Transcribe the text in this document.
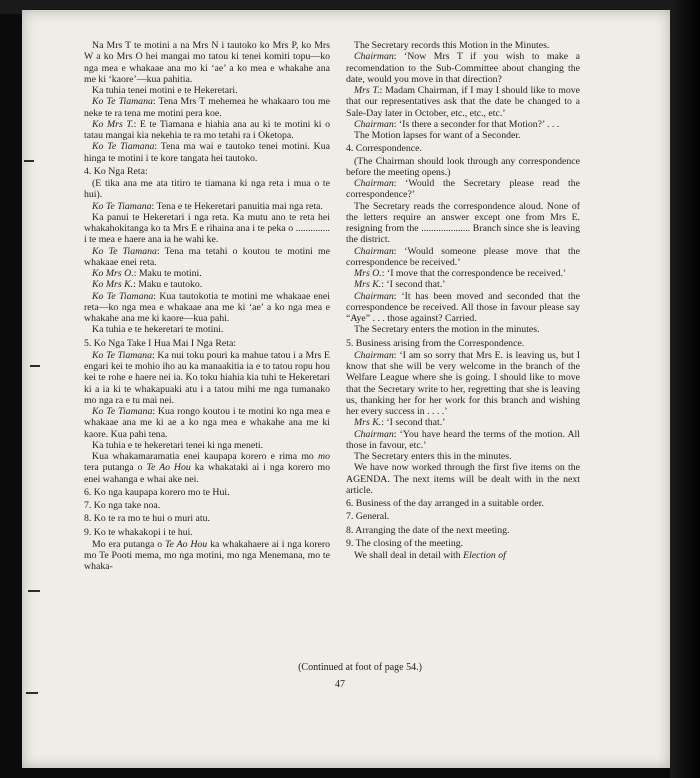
Na Mrs T te motini a na Mrs N i tautoko ko Mrs P, ko Mrs W a ko Mrs O hei mangai mo tatou ki tenei komiti topu—ko nga mea e whakaae ana mo ki ‘ae’ a ko mea e whakahe ana me ki ‘kaore’—kua pahitia.

Ka tuhia tenei motini e te Hekeretari.

Ko Te Tiamana: Tena Mrs T mehemea he whakaaro tou me neke te ra tena me motini pera koe.

Ko Mrs T.: E te Tiamana e hiahia ana au ki te motini ki o tatau mangai kia nekehia te ra mo tetahi ra i Oketopa.

Ko Te Tiamana: Tena ma wai e tautoko tenei motini. Kua hinga te motini i te kore tangata hei tautoko.

4. Ko Nga Reta:

(E tika ana me ata titiro te tiamana ki nga reta i mua o te hui).

Ko Te Tiamana: Tena e te Hekeretari panuitia mai nga reta.

Ka panui te Hekeretari i nga reta. Ka mutu ano te reta hei whakahokitanga ko ta Mrs E e rihaina ana i te peka o .............. i te mea e haere ana ia he wahi ke.

Ko Te Tiamana: Tena ma tetahi o koutou te motini me whakaae enei reta.

Ko Mrs O.: Maku te motini.

Ko Mrs K.: Maku e tautoko.

Ko Te Tiamana: Kua tautokotia te motini me whakaae enei reta—ko nga mea e whakaae ana me ki ‘ae’ a ko nga mea e whakahe ana me ki kaore—kua pahi.

Ka tuhia e te hekeretari te motini.

5. Ko Nga Take I Hua Mai I Nga Reta:

Ko Te Tiamana: Ka nui toku pouri ka mahue tatou i a Mrs E engari kei te mohio iho au ka manaakitia ia e to tatou ropu hou kei te rohe e haere nei ia. Ko toku hiahia kia tuhi te Hekeretari ki a ia ki te whakapuaki atu i a tatou mihi me nga tumanako mo nga ra e tu mai nei.

Ko Te Tiamana: Kua rongo koutou i te motini ko nga mea e whakaae ana me ki ae a ko nga mea e whakahe ana me ki kaore. Kua pahi tena.

Ka tuhia e te hekeretari tenei ki nga meneti.

Kua whakamaramatia enei kaupapa korero e rima mo mo tera putanga o Te Ao Hou ka whakataki ai i nga korero mo enei wahanga e whai ake nei.

6. Ko nga kaupapa korero mo te Hui.

7. Ko nga take noa.

8. Ko te ra mo te hui o muri atu.

9. Ko te whakakopi i te hui.

Mo era putanga o Te Ao Hou ka whakahaere ai i nga korero mo Te Pooti mema, mo nga motini, mo nga Menemana, mo te whaka-

The Secretary records this Motion in the Minutes.

Chairman: ‘Now Mrs T if you wish to make a recomendation to the Sub-Committee about changing the date, would you move in that direction?

Mrs T.: Madam Chairman, if I may I should like to move that our representatives ask that the date be changed to a Sale-Day later in October, etc., etc., etc.’

Chairman: ‘Is there a seconder for that Motion?’ . . .

The Motion lapses for want of a Seconder.

4. Correspondence.

(The Chairman should look through any correspondence before the meeting opens.)

Chairman: ‘Would the Secretary please read the correspondence?’

The Secretary reads the correspondence aloud. None of the letters require an answer except one from Mrs E. resigning from the .................... Branch since she is leaving the district.

Chairman: ‘Would someone please move that the correspondence be received.’

Mrs O.: ‘I move that the correspondence be received.’

Mrs K.: ‘I second that.’

Chairman: ‘It has been moved and seconded that the correspondence be received. All those in favour please say “Aye” . . . those against? Carried.

The Secretary enters the motion in the minutes.

5. Business arising from the Correspondence.

Chairman: ‘I am so sorry that Mrs E. is leaving us, but I know that she will be very welcome in the branch of the Welfare League where she is going. I should like to move that the Secretary write to her, regretting that she is leaving us, thanking her for her work for this branch and wishing her every success in . . . .’

Mrs K.: ‘I second that.’

Chairman: ‘You have heard the terms of the motion. All those in favour, etc.’

The Secretary enters this in the minutes.

We have now worked through the first five items on the AGENDA. The next items will be dealt with in the next article.

6. Business of the day arranged in a suitable order.

7. General.

8. Arranging the date of the next meeting.

9. The closing of the meeting.

We shall deal in detail with Election of

(Continued at foot of page 54.)
47
